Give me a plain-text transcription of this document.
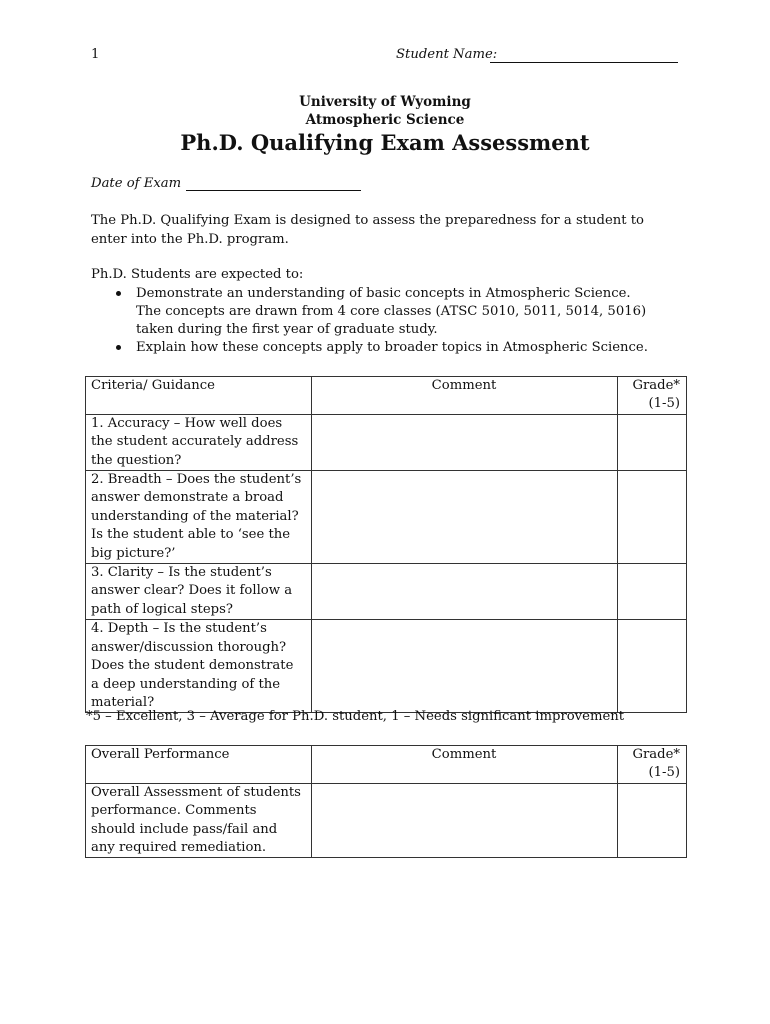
1	Student Name:
University of Wyoming
Atmospheric Science
Ph.D. Qualifying Exam Assessment
Date of Exam
The Ph.D. Qualifying Exam is designed to assess the preparedness for a student to enter into the Ph.D. program.
Ph.D. Students are expected to:
Demonstrate an understanding of basic concepts in Atmospheric Science. The concepts are drawn from 4 core classes (ATSC 5010, 5011, 5014, 5016) taken during the first year of graduate study.
Explain how these concepts apply to broader topics in Atmospheric Science.
Criteria/ Guidance	Comment	Grade* (1-5)
1. Accuracy – How well does the student accurately address the question?		
2. Breadth – Does the student’s answer demonstrate a broad understanding of the material? Is the student able to ‘see the big picture?’		
3. Clarity – Is the student’s answer clear? Does it follow a path of logical steps?		
4. Depth – Is the student’s answer/discussion thorough? Does the student demonstrate a deep understanding of the material?		
*5 – Excellent, 3 – Average for Ph.D. student, 1 – Needs significant improvement
Overall Performance	Comment	Grade* (1-5)
Overall Assessment of students performance. Comments should include pass/fail and any required remediation.		
